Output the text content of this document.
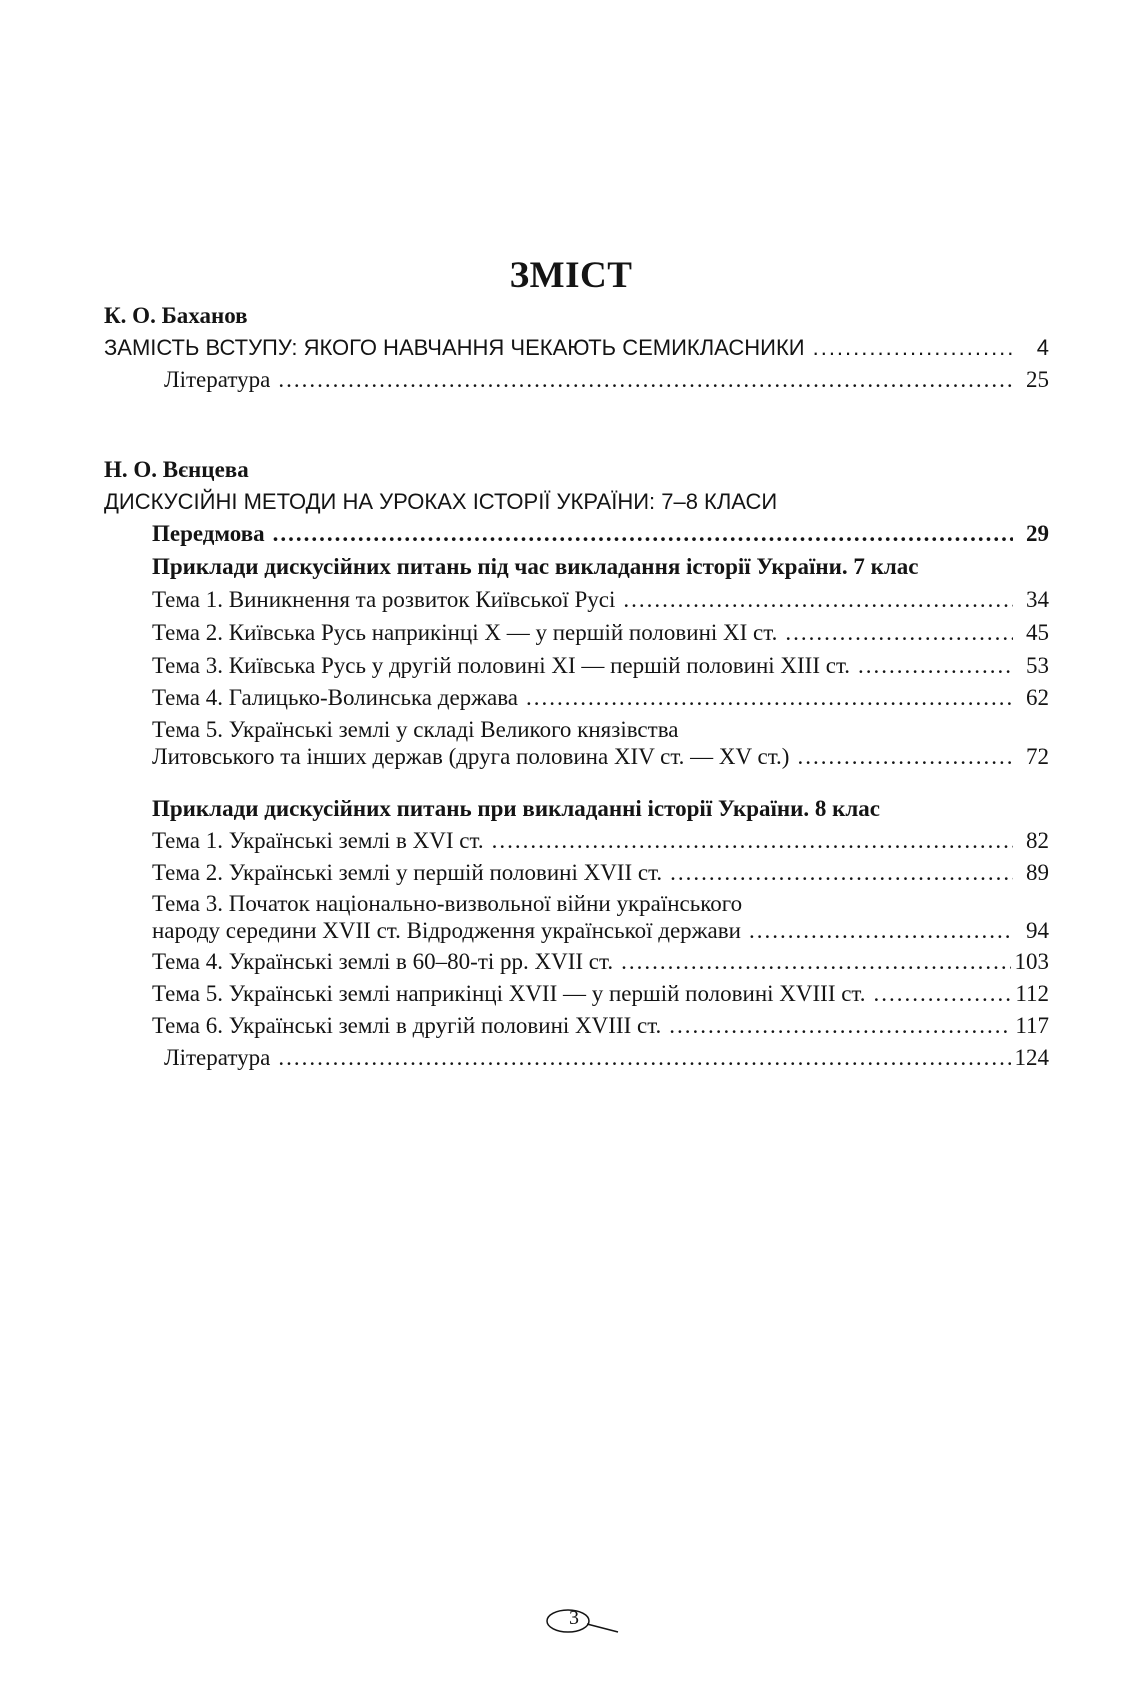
ЗМІСТ
К. О. Баханов
ЗАМІСТЬ ВСТУПУ: ЯКОГО НАВЧАННЯ ЧЕКАЮТЬ СЕМИКЛАСНИКИ .....	4
Література .....	25
Н. О. Вєнцева
ДИСКУСІЙНІ МЕТОДИ НА УРОКАХ ІСТОРІЇ УКРАЇНИ: 7–8 КЛАСИ
Передмова .....	29
Приклади дискусійних питань під час викладання історії України. 7 клас
Тема 1. Виникнення та розвиток Київської Русі .....	34
Тема 2. Київська Русь наприкінці X — у першій половині XI ст. .....	45
Тема 3. Київська Русь у другій половині XI — першій половині XIII ст. .....	53
Тема 4. Галицько-Волинська держава .....	62
Тема 5. Українські землі у складі Великого князівства
Литовського та інших держав (друга половина XIV ст. — XV ст.) .....	72
Приклади дискусійних питань при викладанні історії України. 8 клас
Тема 1. Українські землі в XVI ст. .....	82
Тема 2. Українські землі у першій половині XVII ст. .....	89
Тема 3. Початок національно-визвольної війни українського
народу середини XVII ст. Відродження української держави .....	94
Тема 4. Українські землі в 60–80-ті рр. XVII ст. .....	103
Тема 5. Українські землі наприкінці XVII — у першій половині XVIII ст. .....	112
Тема 6. Українські землі в другій половині XVIII ст. .....	117
Література .....	124
3
